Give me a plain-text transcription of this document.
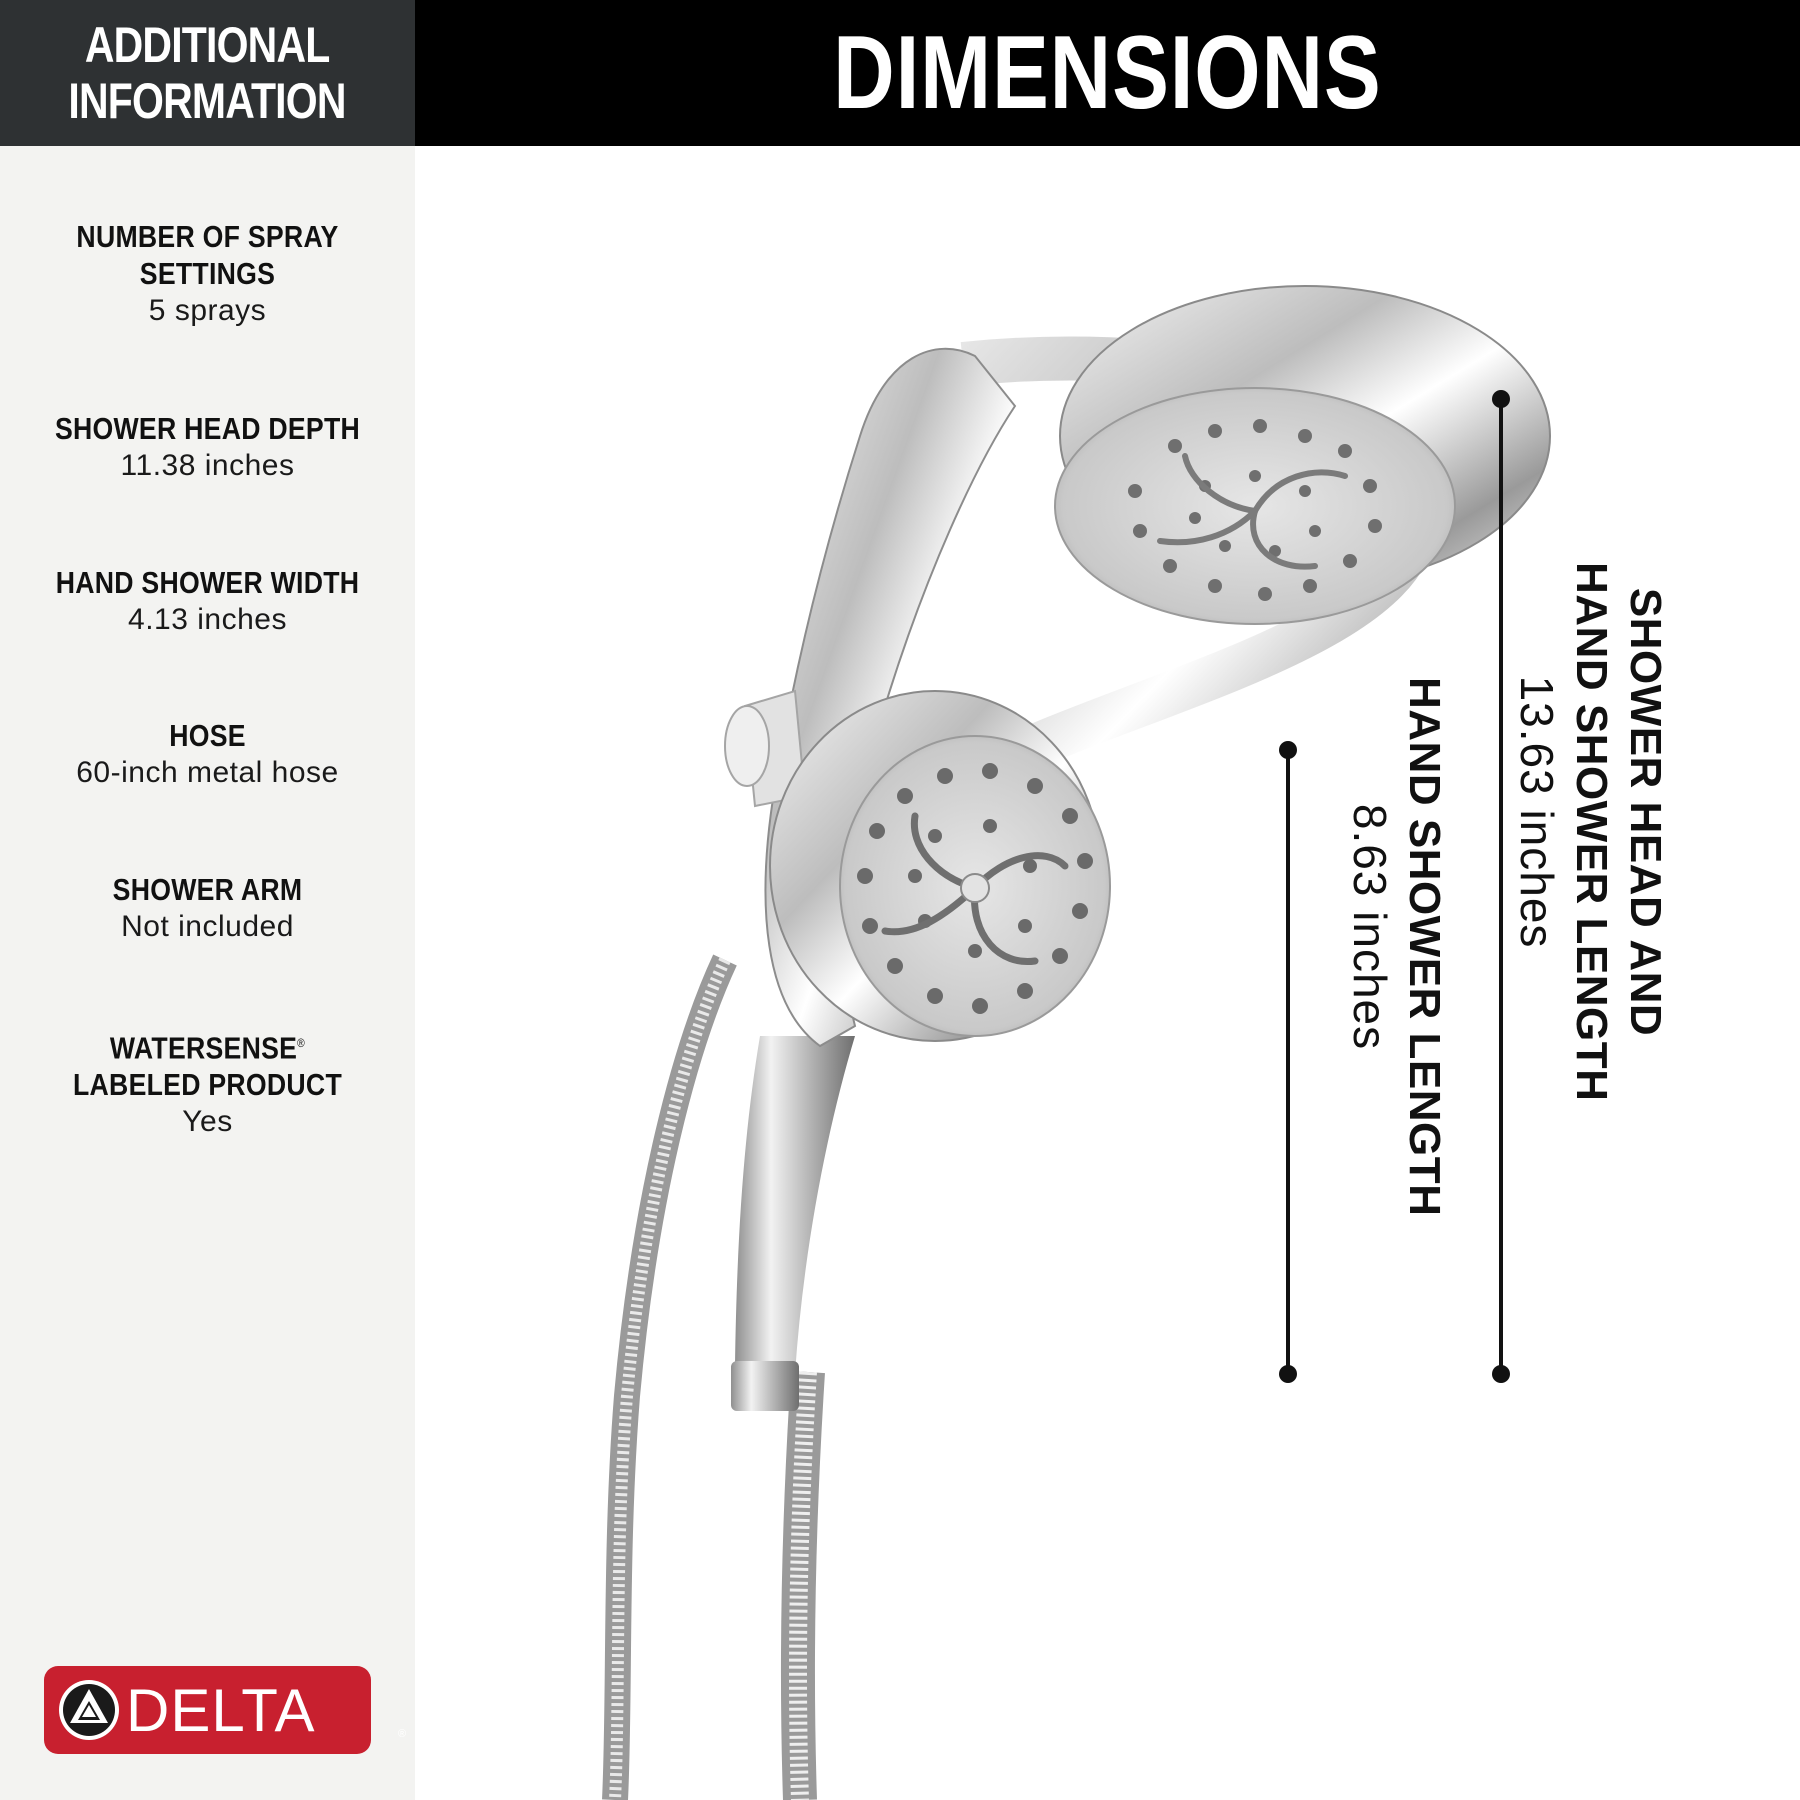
ADDITIONAL
INFORMATION
NUMBER OF SPRAY
SETTINGS
5 sprays
SHOWER HEAD DEPTH
11.38 inches
HAND SHOWER WIDTH
4.13 inches
HOSE
60-inch metal hose
SHOWER ARM
Not included
WATERSENSE®
LABELED PRODUCT
Yes
DELTA	®
DIMENSIONS
SHOWER HEAD AND
HAND SHOWER LENGTH
13.63 inches
HAND SHOWER LENGTH
8.63 inches
